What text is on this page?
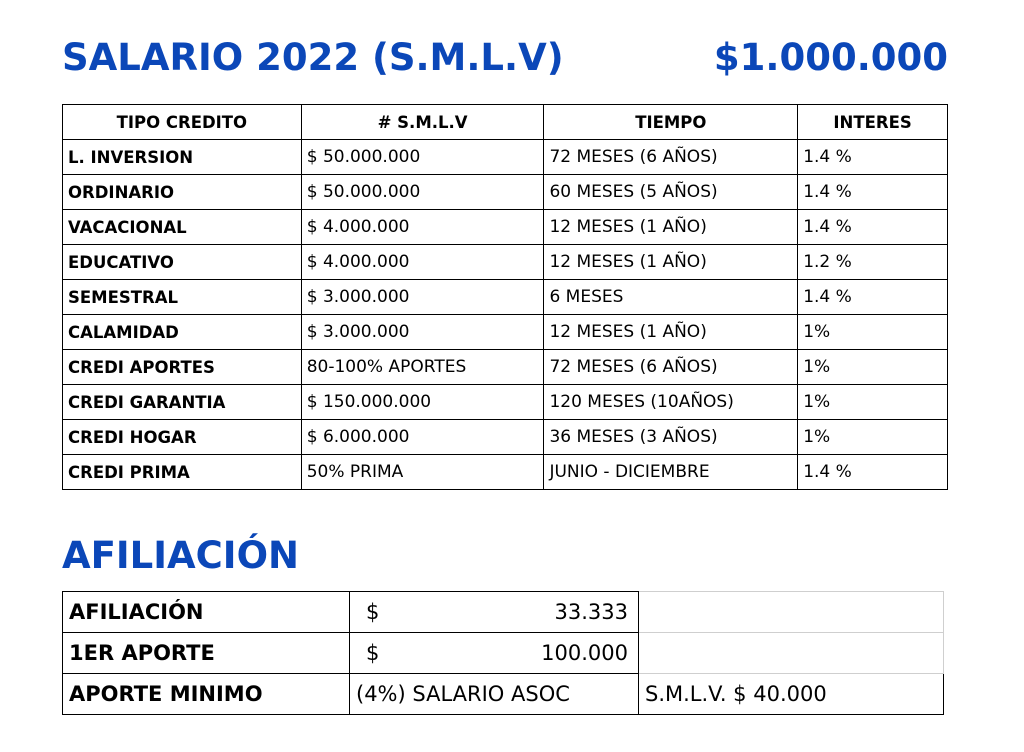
SALARIO 2022 (S.M.L.V)	$1.000.000
TIPO CREDITO	# S.M.L.V	TIEMPO	INTERES
L. INVERSION	$ 50.000.000	72 MESES (6 AÑOS)	1.4 %
ORDINARIO	$ 50.000.000	60 MESES (5 AÑOS)	1.4 %
VACACIONAL	$ 4.000.000	12 MESES (1 AÑO)	1.4 %
EDUCATIVO	$ 4.000.000	12 MESES (1 AÑO)	1.2 %
SEMESTRAL	$ 3.000.000	6 MESES	1.4 %
CALAMIDAD	$ 3.000.000	12 MESES (1 AÑO)	1%
CREDI APORTES	80-100% APORTES	72 MESES (6 AÑOS)	1%
CREDI GARANTIA	$ 150.000.000	120 MESES (10AÑOS)	1%
CREDI HOGAR	$ 6.000.000	36 MESES (3 AÑOS)	1%
CREDI PRIMA	50% PRIMA	JUNIO - DICIEMBRE	1.4 %
AFILIACIÓN
AFILIACIÓN	$ 33.333	

1ER APORTE	$ 100.000	

APORTE MINIMO	(4%) SALARIO ASOC	S.M.L.V. $ 40.000
